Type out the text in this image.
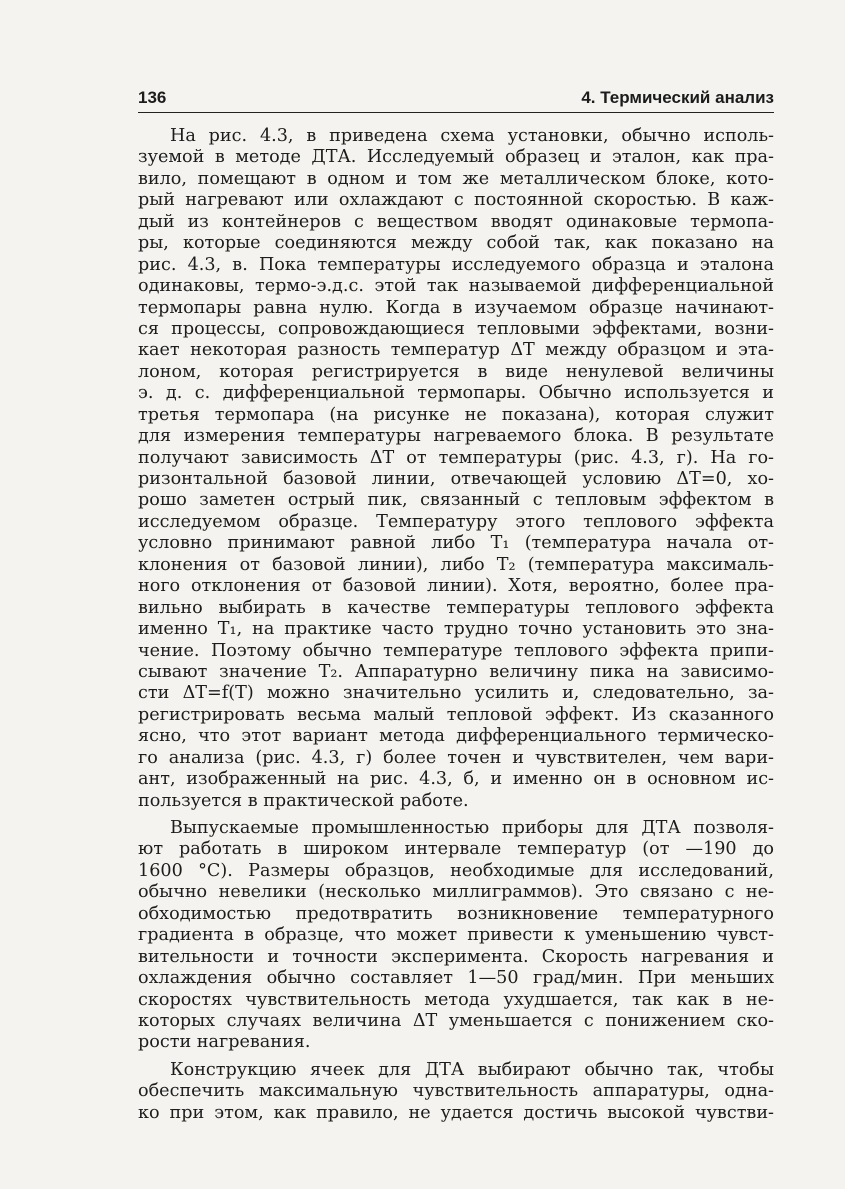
136	4. Термический анализ
На рис. 4.3, в приведена схема установки, обычно исполь-
зуемой в методе ДТА. Исследуемый образец и эталон, как пра-
вило, помещают в одном и том же металлическом блоке, кото-
рый нагревают или охлаждают с постоянной скоростью. В каж-
дый из контейнеров с веществом вводят одинаковые термопа-
ры, которые соединяются между собой так, как показано на
рис. 4.3, в. Пока температуры исследуемого образца и эталона
одинаковы, термо-э.д.с. этой так называемой дифференциальной
термопары равна нулю. Когда в изучаемом образце начинают-
ся процессы, сопровождающиеся тепловыми эффектами, возни-
кает некоторая разность температур ΔT между образцом и эта-
лоном, которая регистрируется в виде ненулевой величины
э. д. с. дифференциальной термопары. Обычно используется и
третья термопара (на рисунке не показана), которая служит
для измерения температуры нагреваемого блока. В результате
получают зависимость ΔT от температуры (рис. 4.3, г). На го-
ризонтальной базовой линии, отвечающей условию ΔT=0, хо-
рошо заметен острый пик, связанный с тепловым эффектом в
исследуемом образце. Температуру этого теплового эффекта
условно принимают равной либо T₁ (температура начала от-
клонения от базовой линии), либо T₂ (температура максималь-
ного отклонения от базовой линии). Хотя, вероятно, более пра-
вильно выбирать в качестве температуры теплового эффекта
именно T₁, на практике часто трудно точно установить это зна-
чение. Поэтому обычно температуре теплового эффекта припи-
сывают значение T₂. Аппаратурно величину пика на зависимо-
сти ΔT=f(T) можно значительно усилить и, следовательно, за-
регистрировать весьма малый тепловой эффект. Из сказанного
ясно, что этот вариант метода дифференциального термическо-
го анализа (рис. 4.3, г) более точен и чувствителен, чем вари-
ант, изображенный на рис. 4.3, б, и именно он в основном ис-
пользуется в практической работе.
Выпускаемые промышленностью приборы для ДТА позволя-
ют работать в широком интервале температур (от —190 до
1600 °C). Размеры образцов, необходимые для исследований,
обычно невелики (несколько миллиграммов). Это связано с не-
обходимостью предотвратить возникновение температурного
градиента в образце, что может привести к уменьшению чувст-
вительности и точности эксперимента. Скорость нагревания и
охлаждения обычно составляет 1—50 град/мин. При меньших
скоростях чувствительность метода ухудшается, так как в не-
которых случаях величина ΔT уменьшается с понижением ско-
рости нагревания.
Конструкцию ячеек для ДТА выбирают обычно так, чтобы
обеспечить максимальную чувствительность аппаратуры, одна-
ко при этом, как правило, не удается достичь высокой чувстви-
